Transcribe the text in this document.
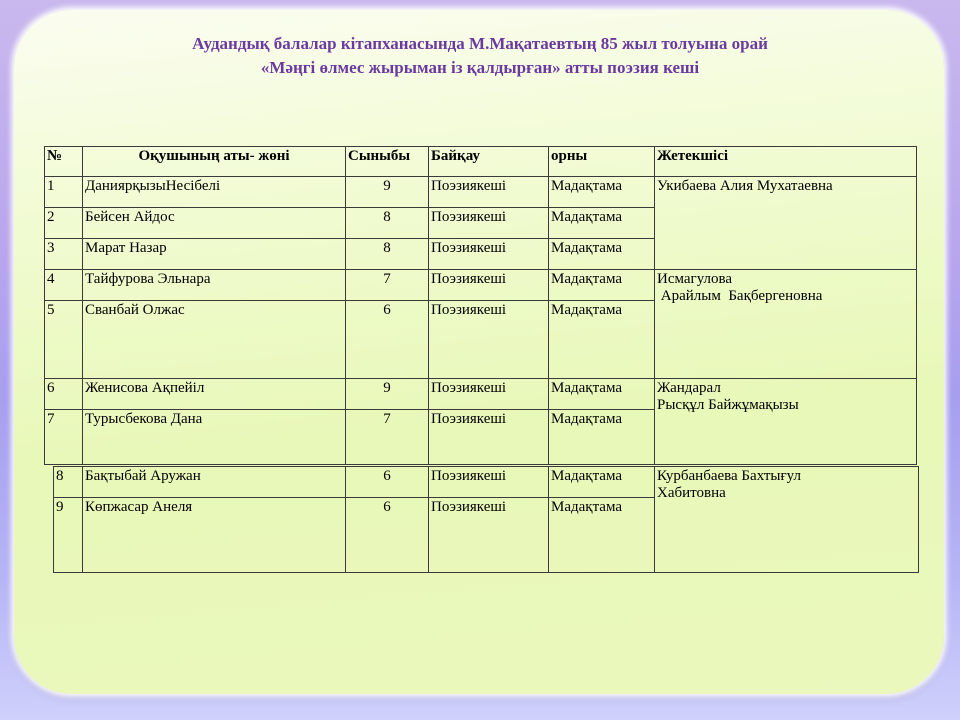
Аудандық балалар кітапханасында М.Мақатаевтың 85 жыл толуына орай

«Мәңгі өлмес жырыман із қалдырған» атты поэзия кеші

№	Оқушының аты- жөні	Сыныбы	Байқау	орны	Жетекшісі
1	ДаниярқызыНесібелі	9	Поэзиякеші	Мадақтама	Укибаева Алия Мухатаевна

2	Бейсен Айдос	8	Поэзиякеші	Мадақтама	
3	Марат Назар	8	Поэзиякеші	Мадақтама	
4	Тайфурова Эльнара	7	Поэзиякеші	Мадақтама	Исмагулова
Арайлым  Бақбергеновна

5	Сванбай Олжас	6	Поэзиякеші	Мадақтама	
6	Женисова Ақпейіл	9	Поэзиякеші	Мадақтама	Жандарал
Рысқұл Байжұмақызы

7	Турысбекова Дана	7	Поэзиякеші	Мадақтама	
8	Бақтыбай Аружан	6	Поэзиякеші	Мадақтама	Курбанбаева Бахтығул
Хабитовна

9	Көпжасар Анеля	6	Поэзиякеші	Мадақтама	
